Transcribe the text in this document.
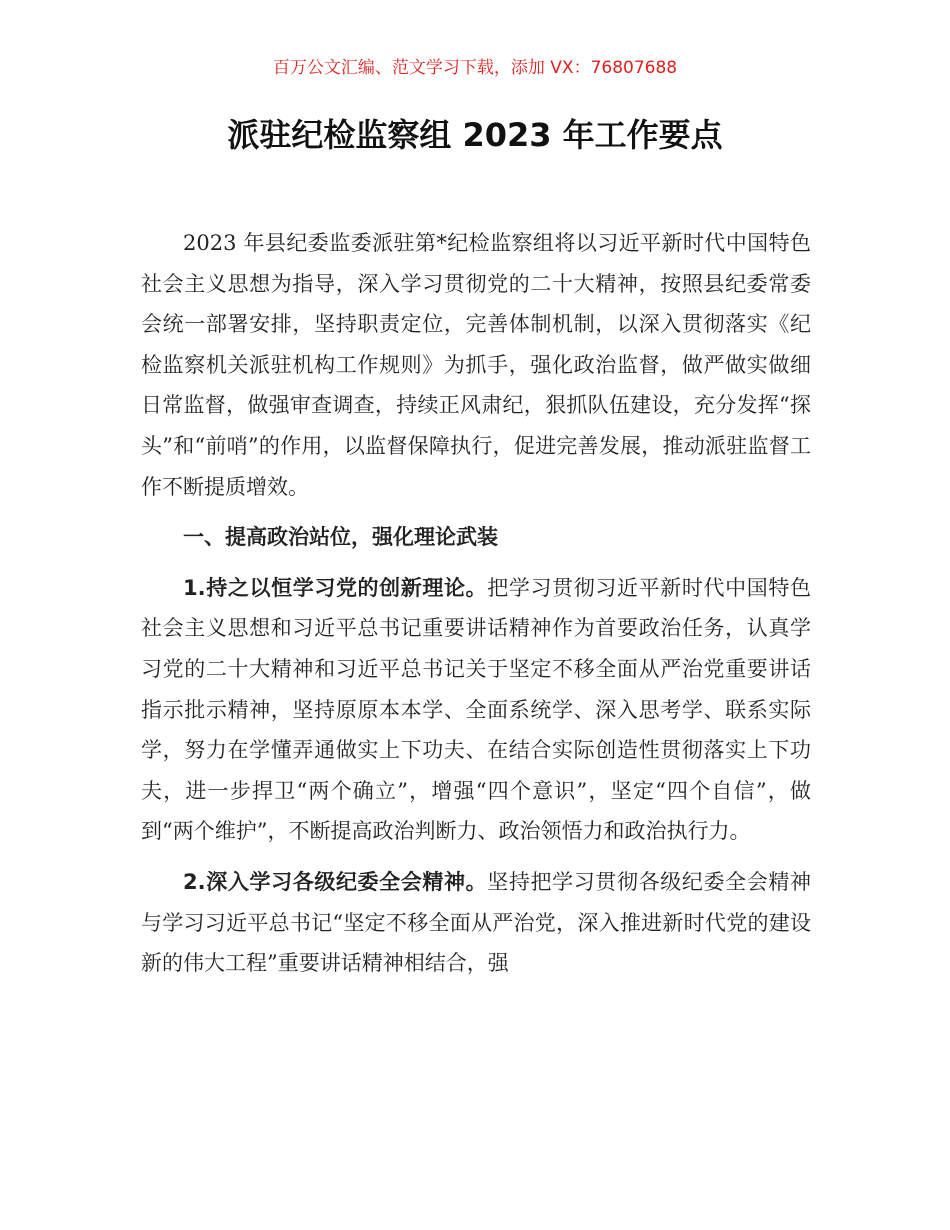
百万公文汇编、范文学习下载，添加 VX：76807688
派驻纪检监察组 2023 年工作要点

2023 年县纪委监委派驻第*纪检监察组将以习近平新时代中国特色社会主义思想为指导，深入学习贯彻党的二十大精神，按照县纪委常委会统一部署安排，坚持职责定位，完善体制机制，以深入贯彻落实《纪检监察机关派驻机构工作规则》为抓手，强化政治监督，做严做实做细日常监督，做强审查调查，持续正风肃纪，狠抓队伍建设，充分发挥“探头”和“前哨”的作用，以监督保障执行，促进完善发展，推动派驻监督工作不断提质增效。

一、提高政治站位，强化理论武装

1.持之以恒学习党的创新理论。把学习贯彻习近平新时代中国特色社会主义思想和习近平总书记重要讲话精神作为首要政治任务，认真学习党的二十大精神和习近平总书记关于坚定不移全面从严治党重要讲话指示批示精神，坚持原原本本学、全面系统学、深入思考学、联系实际学，努力在学懂弄通做实上下功夫、在结合实际创造性贯彻落实上下功夫，进一步捍卫“两个确立”，增强“四个意识”，坚定“四个自信”，做到“两个维护”，不断提高政治判断力、政治领悟力和政治执行力。

2.深入学习各级纪委全会精神。坚持把学习贯彻各级纪委全会精神与学习习近平总书记“坚定不移全面从严治党，深入推进新时代党的建设新的伟大工程”重要讲话精神相结合，强
